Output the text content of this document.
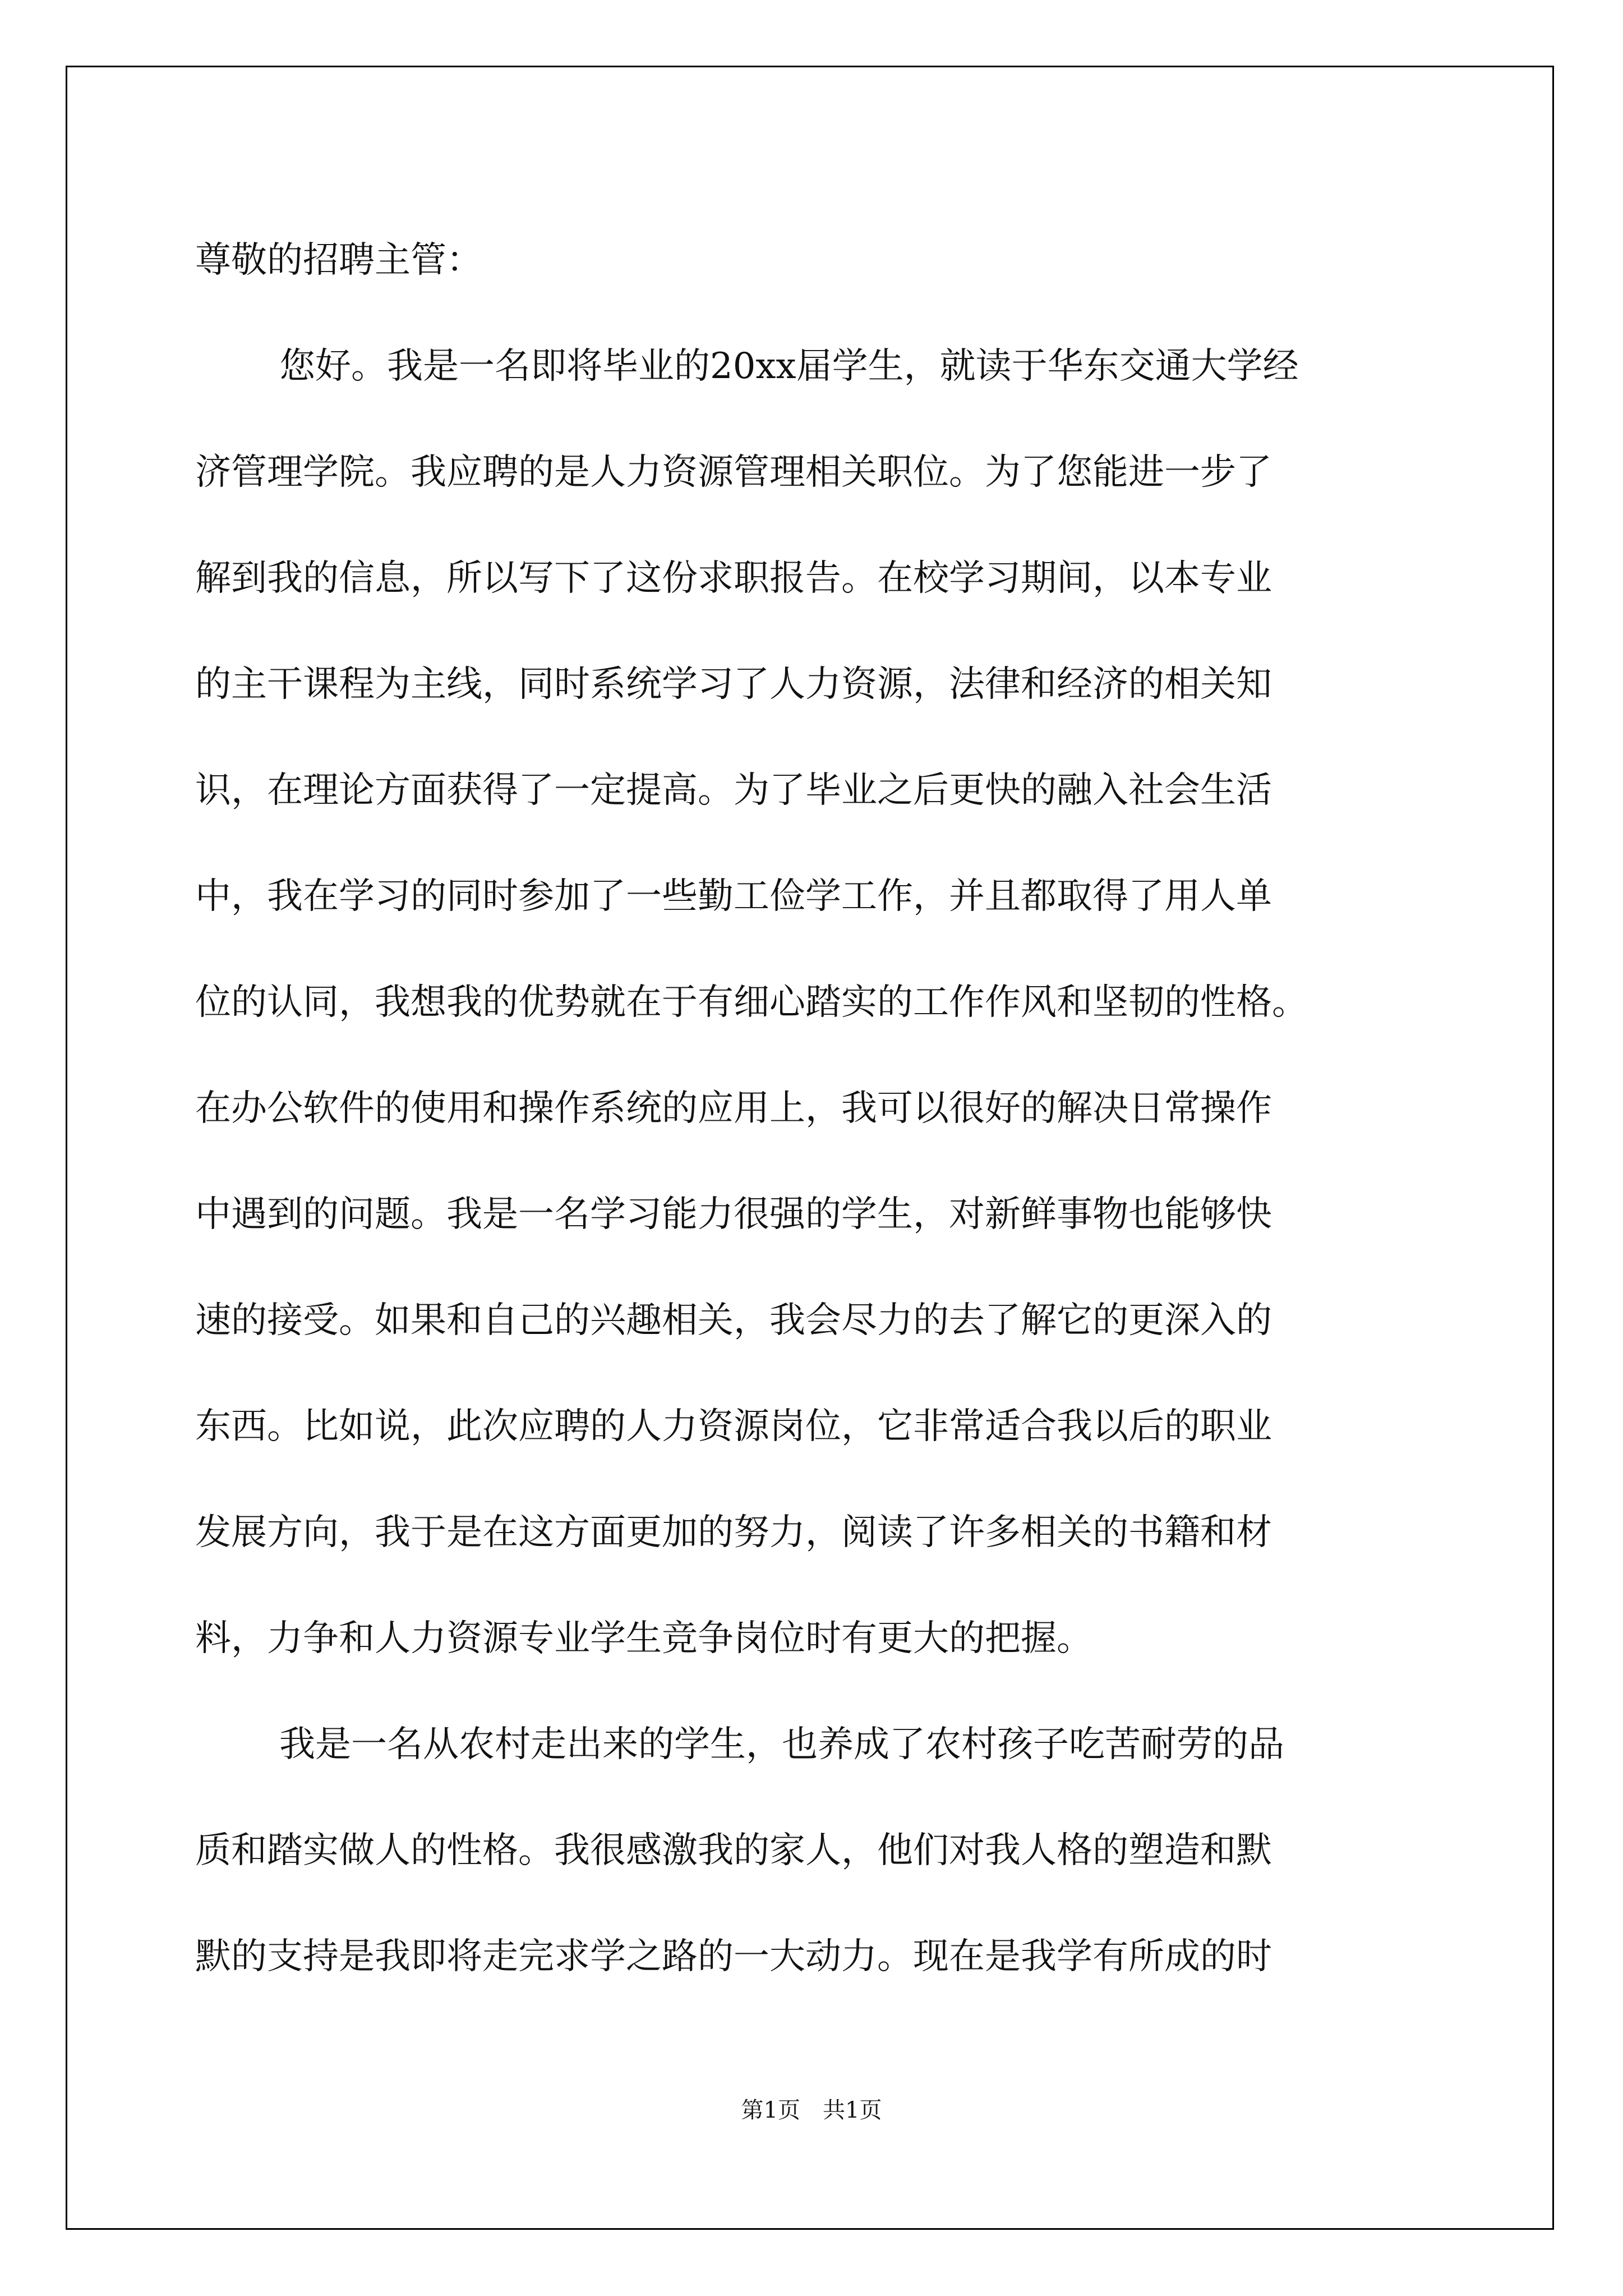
尊敬的招聘主管：
您好。我是一名即将毕业的20xx届学生，就读于华东交通大学经
济管理学院。我应聘的是人力资源管理相关职位。为了您能进一步了
解到我的信息，所以写下了这份求职报告。在校学习期间，以本专业
的主干课程为主线，同时系统学习了人力资源，法律和经济的相关知
识，在理论方面获得了一定提高。为了毕业之后更快的融入社会生活
中，我在学习的同时参加了一些勤工俭学工作，并且都取得了用人单
位的认同，我想我的优势就在于有细心踏实的工作作风和坚韧的性格。
在办公软件的使用和操作系统的应用上，我可以很好的解决日常操作
中遇到的问题。我是一名学习能力很强的学生，对新鲜事物也能够快
速的接受。如果和自己的兴趣相关，我会尽力的去了解它的更深入的
东西。比如说，此次应聘的人力资源岗位，它非常适合我以后的职业
发展方向，我于是在这方面更加的努力，阅读了许多相关的书籍和材
料，力争和人力资源专业学生竞争岗位时有更大的把握。
我是一名从农村走出来的学生，也养成了农村孩子吃苦耐劳的品
质和踏实做人的性格。我很感激我的家人，他们对我人格的塑造和默
默的支持是我即将走完求学之路的一大动力。现在是我学有所成的时
第1页　共1页
